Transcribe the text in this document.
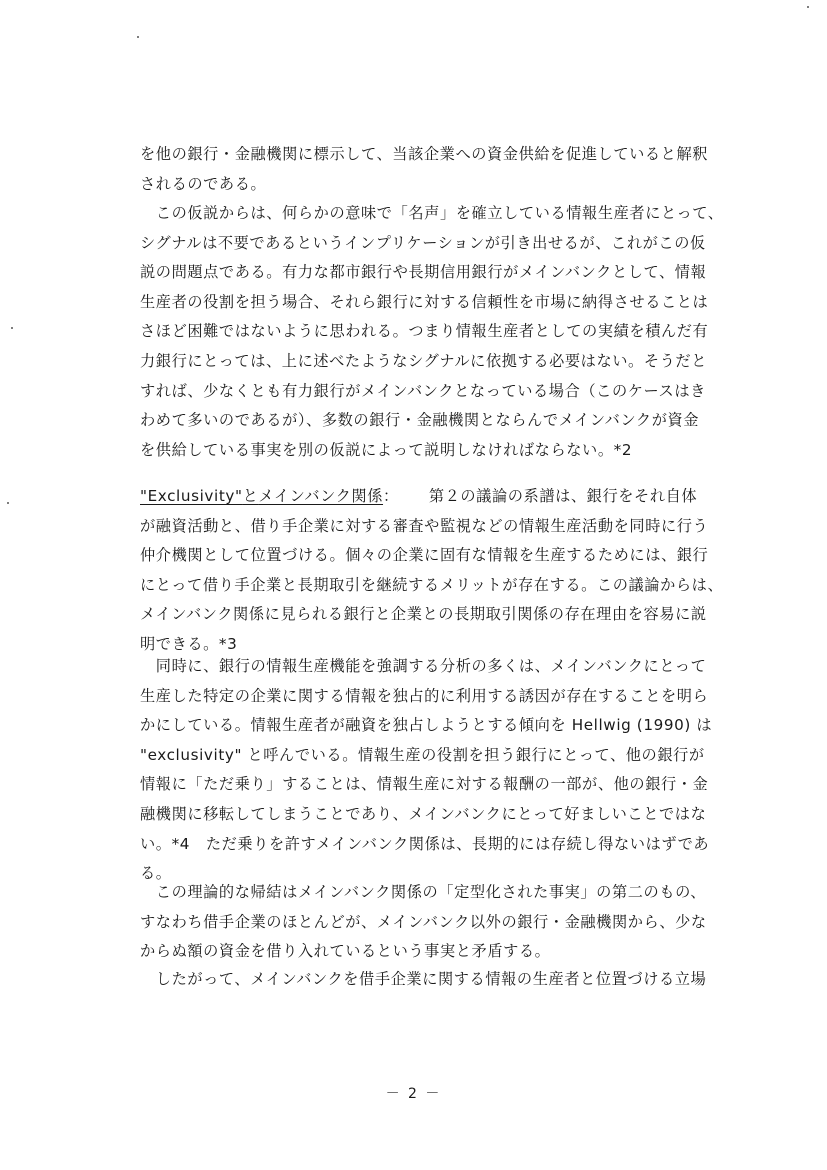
を他の銀行・金融機関に標示して、当該企業への資金供給を促進していると解釈
されるのである。
　この仮説からは、何らかの意味で「名声」を確立している情報生産者にとって、
シグナルは不要であるというインプリケーションが引き出せるが、これがこの仮
説の問題点である。有力な都市銀行や長期信用銀行がメインバンクとして、情報
生産者の役割を担う場合、それら銀行に対する信頼性を市場に納得させることは
さほど困難ではないように思われる。つまり情報生産者としての実績を積んだ有
力銀行にとっては、上に述べたようなシグナルに依拠する必要はない。そうだと
すれば、少なくとも有力銀行がメインバンクとなっている場合（このケースはき
わめて多いのであるが）、多数の銀行・金融機関とならんでメインバンクが資金
を供給している事実を別の仮説によって説明しなければならない。*2
"Exclusivity"とメインバンク関係： 第２の議論の系譜は、銀行をそれ自体
が融資活動と、借り手企業に対する審査や監視などの情報生産活動を同時に行う
仲介機関として位置づける。個々の企業に固有な情報を生産するためには、銀行
にとって借り手企業と長期取引を継続するメリットが存在する。この議論からは、
メインバンク関係に見られる銀行と企業との長期取引関係の存在理由を容易に説
明できる。*3
　同時に、銀行の情報生産機能を強調する分析の多くは、メインバンクにとって
生産した特定の企業に関する情報を独占的に利用する誘因が存在することを明ら
かにしている。情報生産者が融資を独占しようとする傾向を Hellwig (1990) は
"exclusivity" と呼んでいる。情報生産の役割を担う銀行にとって、他の銀行が
情報に「ただ乗り」することは、情報生産に対する報酬の一部が、他の銀行・金
融機関に移転してしまうことであり、メインバンクにとって好ましいことではな
い。*4　ただ乗りを許すメインバンク関係は、長期的には存続し得ないはずであ
る。
　この理論的な帰結はメインバンク関係の「定型化された事実」の第二のもの、
すなわち借手企業のほとんどが、メインバンク以外の銀行・金融機関から、少な
からぬ額の資金を借り入れているという事実と矛盾する。
　したがって、メインバンクを借手企業に関する情報の生産者と位置づける立場
－ 2 －
